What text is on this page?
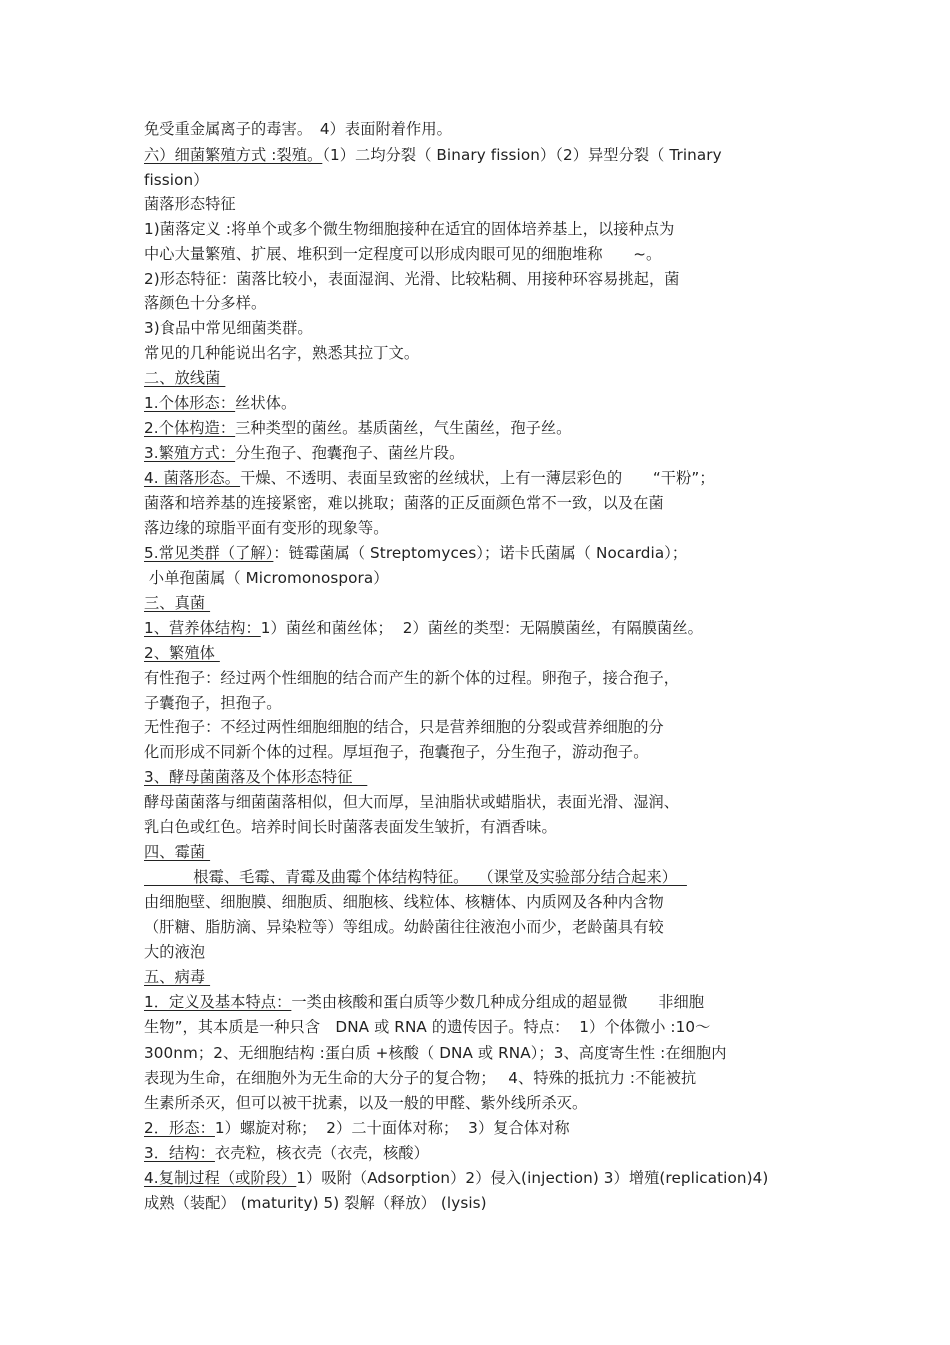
免受重金属离子的毒害。　4）表面附着作用。
六）细菌繁殖方式 :裂殖。（1）二均分裂（ Binary fission）（2）异型分裂（ Trinary
fission）
菌落形态特征
1)菌落定义 :将单个或多个微生物细胞接种在适宜的固体培养基上，以接种点为
中心大量繁殖、扩展、堆积到一定程度可以形成肉眼可见的细胞堆称　　~。
2)形态特征：菌落比较小，表面湿润、光滑、比较粘稠、用接种环容易挑起，菌
落颜色十分多样。
3)食品中常见细菌类群。
常见的几种能说出名字，熟悉其拉丁文。
二、放线菌
1.个体形态：丝状体。
2.个体构造：三种类型的菌丝。基质菌丝，气生菌丝，孢子丝。
3.繁殖方式：分生孢子、孢囊孢子、菌丝片段。
4. 菌落形态。干燥、不透明、表面呈致密的丝绒状，上有一薄层彩色的　　“干粉”；
菌落和培养基的连接紧密，难以挑取；菌落的正反面颜色常不一致，以及在菌
落边缘的琼脂平面有变形的现象等。
5.常见类群（了解）：链霉菌属（ Streptomyces）；诺卡氏菌属（ Nocardia）；
小单孢菌属（ Micromonospora）
三、真菌
1、营养体结构：1）菌丝和菌丝体；  2）菌丝的类型：无隔膜菌丝，有隔膜菌丝。
2、繁殖体
有性孢子：经过两个性细胞的结合而产生的新个体的过程。卵孢子，接合孢子，
子囊孢子，担孢子。
无性孢子：不经过两性细胞细胞的结合，只是营养细胞的分裂或营养细胞的分
化而形成不同新个体的过程。厚垣孢子，孢囊孢子，分生孢子，游动孢子。
3、酵母菌菌落及个体形态特征
酵母菌菌落与细菌菌落相似，但大而厚，呈油脂状或蜡脂状，表面光滑、湿润、
乳白色或红色。培养时间长时菌落表面发生皱折，有酒香味。
四、霉菌
根霉、毛霉、青霉及曲霉个体结构特征。  （课堂及实验部分结合起来）
由细胞壁、细胞膜、细胞质、细胞核、线粒体、核糖体、内质网及各种内含物
（肝糖、脂肪滴、异染粒等）等组成。幼龄菌往往液泡小而少，老龄菌具有较
大的液泡
五、病毒
1．定义及基本特点：一类由核酸和蛋白质等少数几种成分组成的超显微　　非细胞
生物”，其本质是一种只含　DNA 或 RNA 的遗传因子。特点：  1）个体微小 :10～
300nm；2、无细胞结构 :蛋白质 +核酸（ DNA 或 RNA）；3、高度寄生性 :在细胞内
表现为生命，在细胞外为无生命的大分子的复合物；　 4、特殊的抵抗力 :不能被抗
生素所杀灭，但可以被干扰素，以及一般的甲醛、紫外线所杀灭。
2．形态：1）螺旋对称；  2）二十面体对称；  3）复合体对称
3．结构：衣壳粒，核衣壳（衣壳，核酸）
4.复制过程（或阶段）1）吸附（Adsorption）2）侵入(injection) 3）增殖(replication)4)
成熟（装配） (maturity) 5) 裂解（释放） (lysis)
